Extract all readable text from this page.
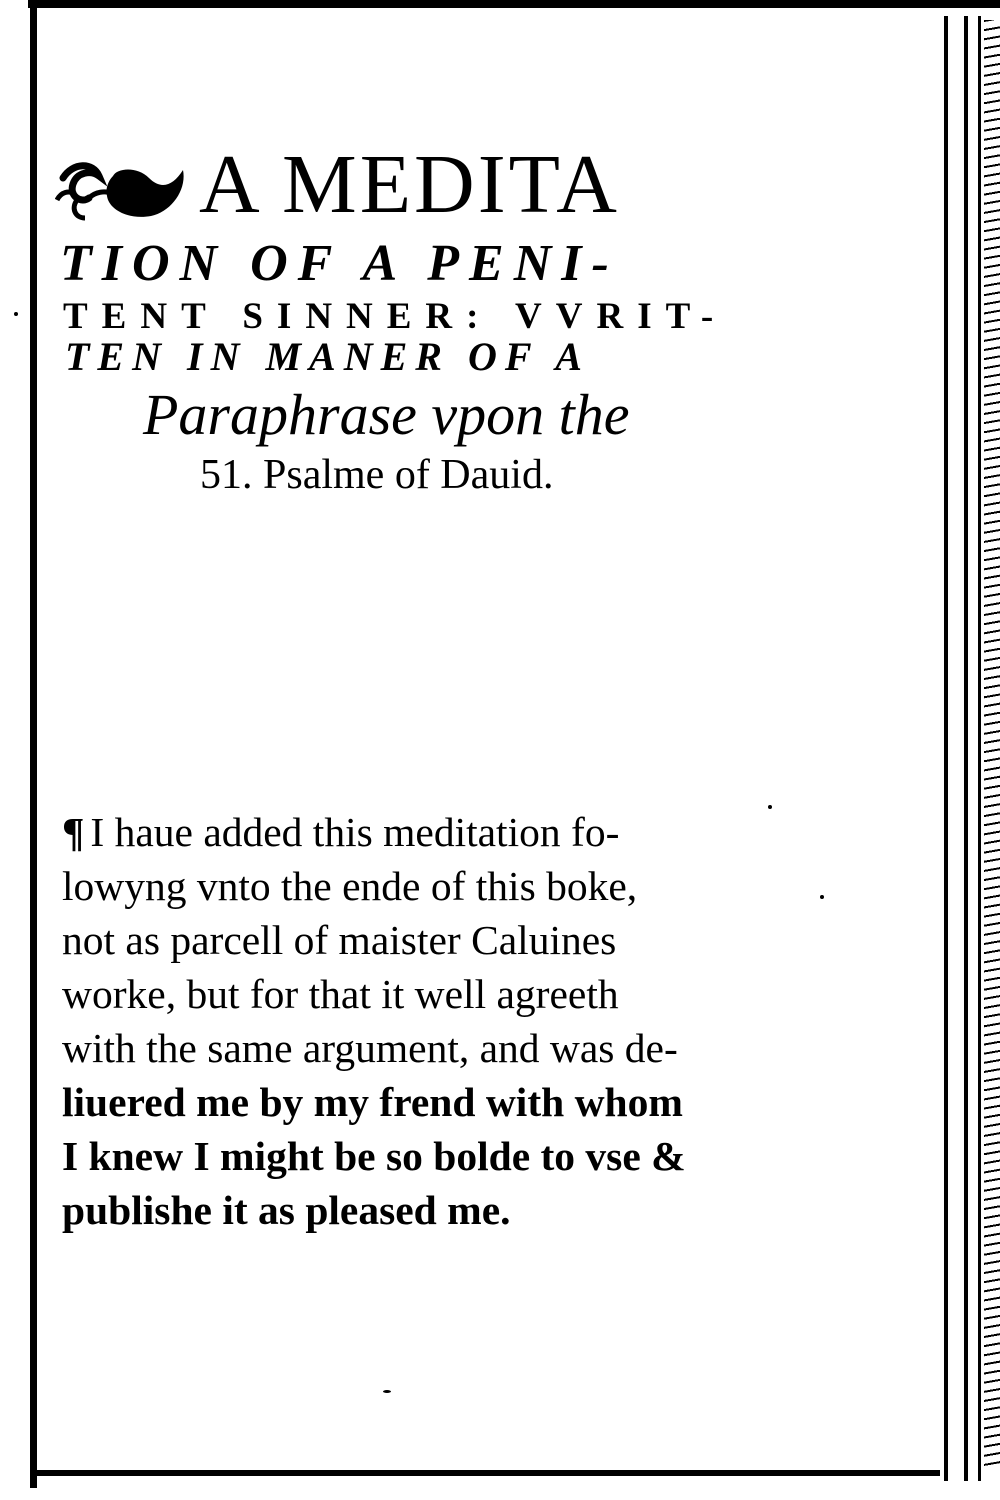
A MEDITA
TION OF A PENI-
TENT SINNER: VVRIT-
TEN IN MANER OF A
Paraphrase vpon the
51. Psalme of Dauid.
¶ I haue added this meditation fo-
lowyng vnto the ende of this boke,
not as parcell of maister Caluines
worke, but for that it well agreeth
with the same argument, and was de-
liuered me by my frend with whom
I knew I might be so bolde to vse &
publishe it as pleased me.
